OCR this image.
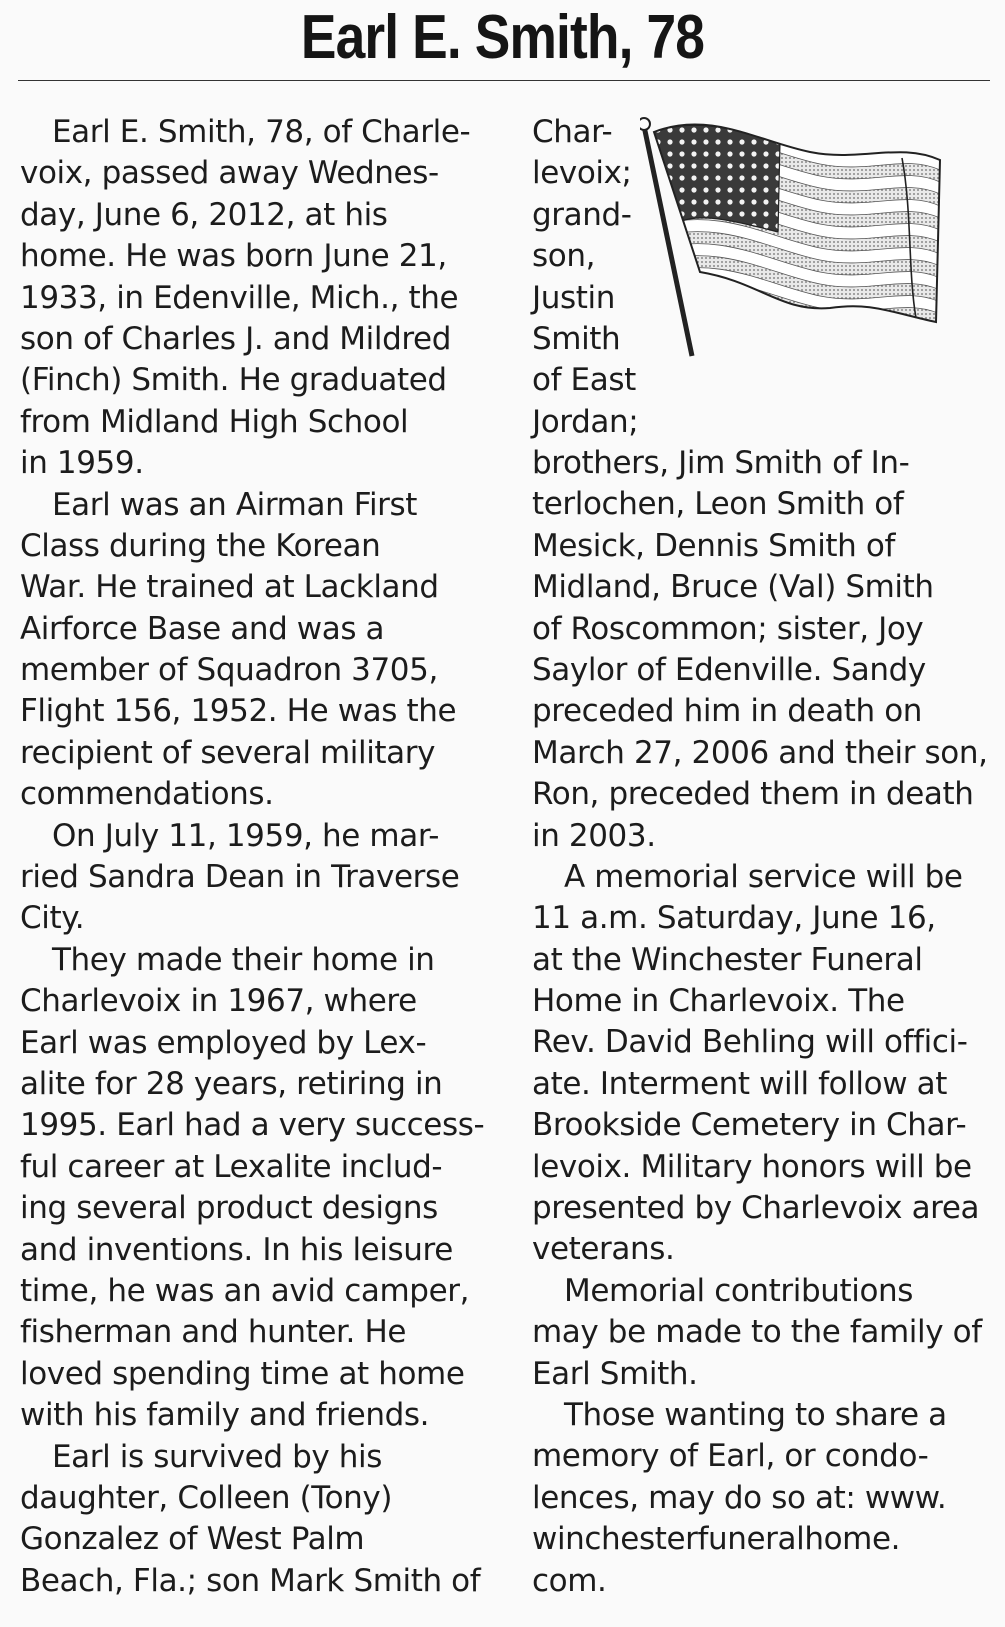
Earl E. Smith, 78
Earl E. Smith, 78, of Charle-
voix, passed away Wednes-
day, June 6, 2012, at his
home. He was born June 21,
1933, in Edenville, Mich., the
son of Charles J. and Mildred
(Finch) Smith. He graduated
from Midland High School
in 1959.
Earl was an Airman First
Class during the Korean
War. He trained at Lackland
Airforce Base and was a
member of Squadron 3705,
Flight 156, 1952. He was the
recipient of several military
commendations.
On July 11, 1959, he mar-
ried Sandra Dean in Traverse
City.
They made their home in
Charlevoix in 1967, where
Earl was employed by Lex-
alite for 28 years, retiring in
1995. Earl had a very success-
ful career at Lexalite includ-
ing several product designs
and inventions. In his leisure
time, he was an avid camper,
fisherman and hunter. He
loved spending time at home
with his family and friends.
Earl is survived by his
daughter, Colleen (Tony)
Gonzalez of West Palm
Beach, Fla.; son Mark Smith of
Char-
levoix;
grand-
son,
Justin
Smith
of East
Jordan;
brothers, Jim Smith of In-
terlochen, Leon Smith of
Mesick, Dennis Smith of
Midland, Bruce (Val) Smith
of Roscommon; sister, Joy
Saylor of Edenville. Sandy
preceded him in death on
March 27, 2006 and their son,
Ron, preceded them in death
in 2003.
A memorial service will be
11 a.m. Saturday, June 16,
at the Winchester Funeral
Home in Charlevoix. The
Rev. David Behling will offici-
ate. Interment will follow at
Brookside Cemetery in Char-
levoix. Military honors will be
presented by Charlevoix area
veterans.
Memorial contributions
may be made to the family of
Earl Smith.
Those wanting to share a
memory of Earl, or condo-
lences, may do so at: www.
winchesterfuneralhome.
com.
